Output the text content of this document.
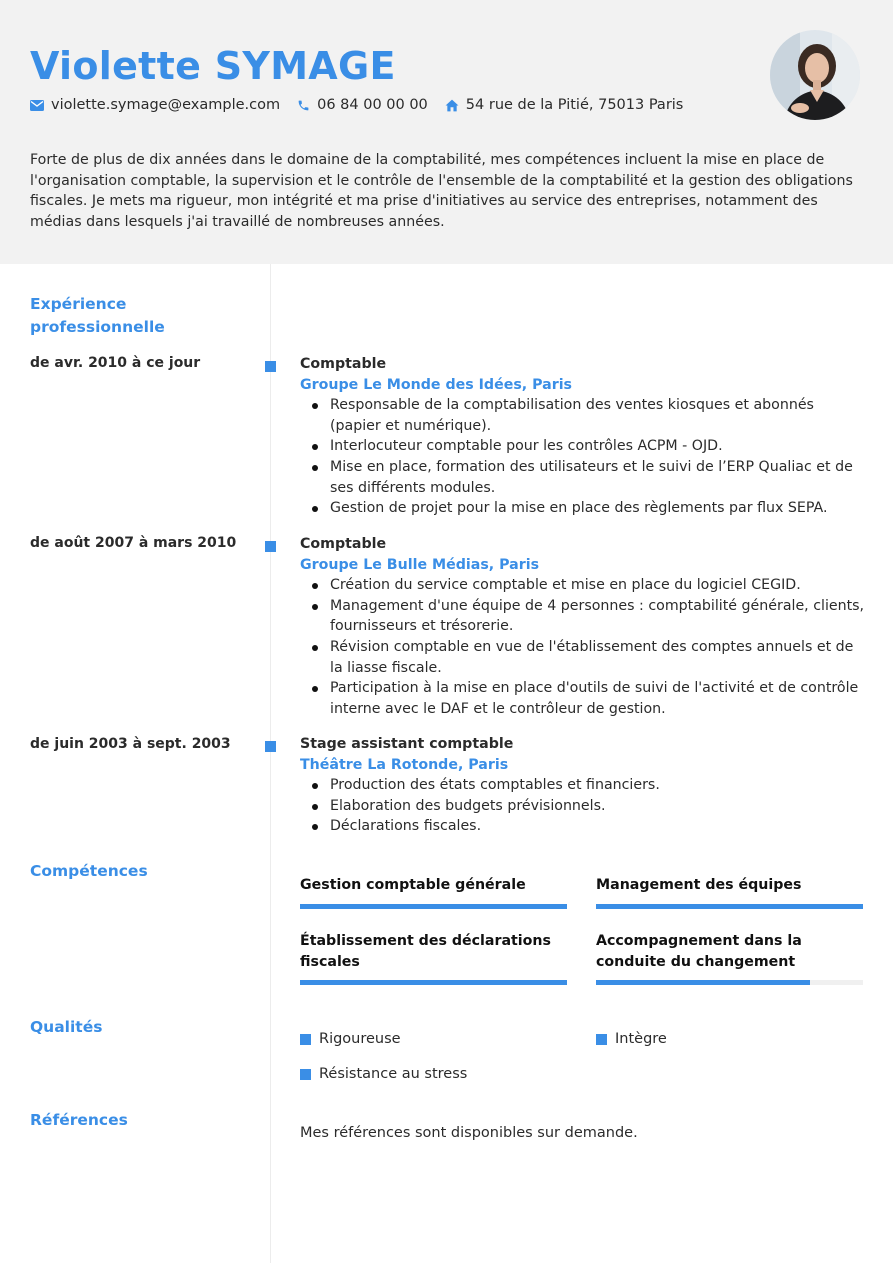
Violette SYMAGE
violette.symage@example.com	06 84 00 00 00	54 rue de la Pitié, 75013 Paris
Forte de plus de dix années dans le domaine de la comptabilité, mes compétences incluent la mise en place de l'organisation comptable, la supervision et le contrôle de l'ensemble de la comptabilité et la gestion des obligations fiscales. Je mets ma rigueur, mon intégrité et ma prise d'initiatives au service des entreprises, notamment des médias dans lesquels j'ai travaillé de nombreuses années.
Expérience professionnelle
de avr. 2010 à ce jour	Comptable
Groupe Le Monde des Idées, Paris
Responsable de la comptabilisation des ventes kiosques et abonnés (papier et numérique).
Interlocuteur comptable pour les contrôles ACPM - OJD.
Mise en place, formation des utilisateurs et le suivi de l’ERP Qualiac et de ses différents modules.
Gestion de projet pour la mise en place des règlements par flux SEPA.
de août 2007 à mars 2010	Comptable
Groupe Le Bulle Médias, Paris
Création du service comptable et mise en place du logiciel CEGID.
Management d'une équipe de 4 personnes : comptabilité générale, clients, fournisseurs et trésorerie.
Révision comptable en vue de l'établissement des comptes annuels et de la liasse fiscale.
Participation à la mise en place d'outils de suivi de l'activité et de contrôle interne avec le DAF et le contrôleur de gestion.
de juin 2003 à sept. 2003	Stage assistant comptable
Théâtre La Rotonde, Paris
Production des états comptables et financiers.
Elaboration des budgets prévisionnels.
Déclarations fiscales.
Compétences
Gestion comptable générale	Management des équipes
Établissement des déclarations fiscales
Accompagnement dans la conduite du changement
Qualités
Rigoureuse	Intègre
Résistance au stress
Références
Mes références sont disponibles sur demande.
